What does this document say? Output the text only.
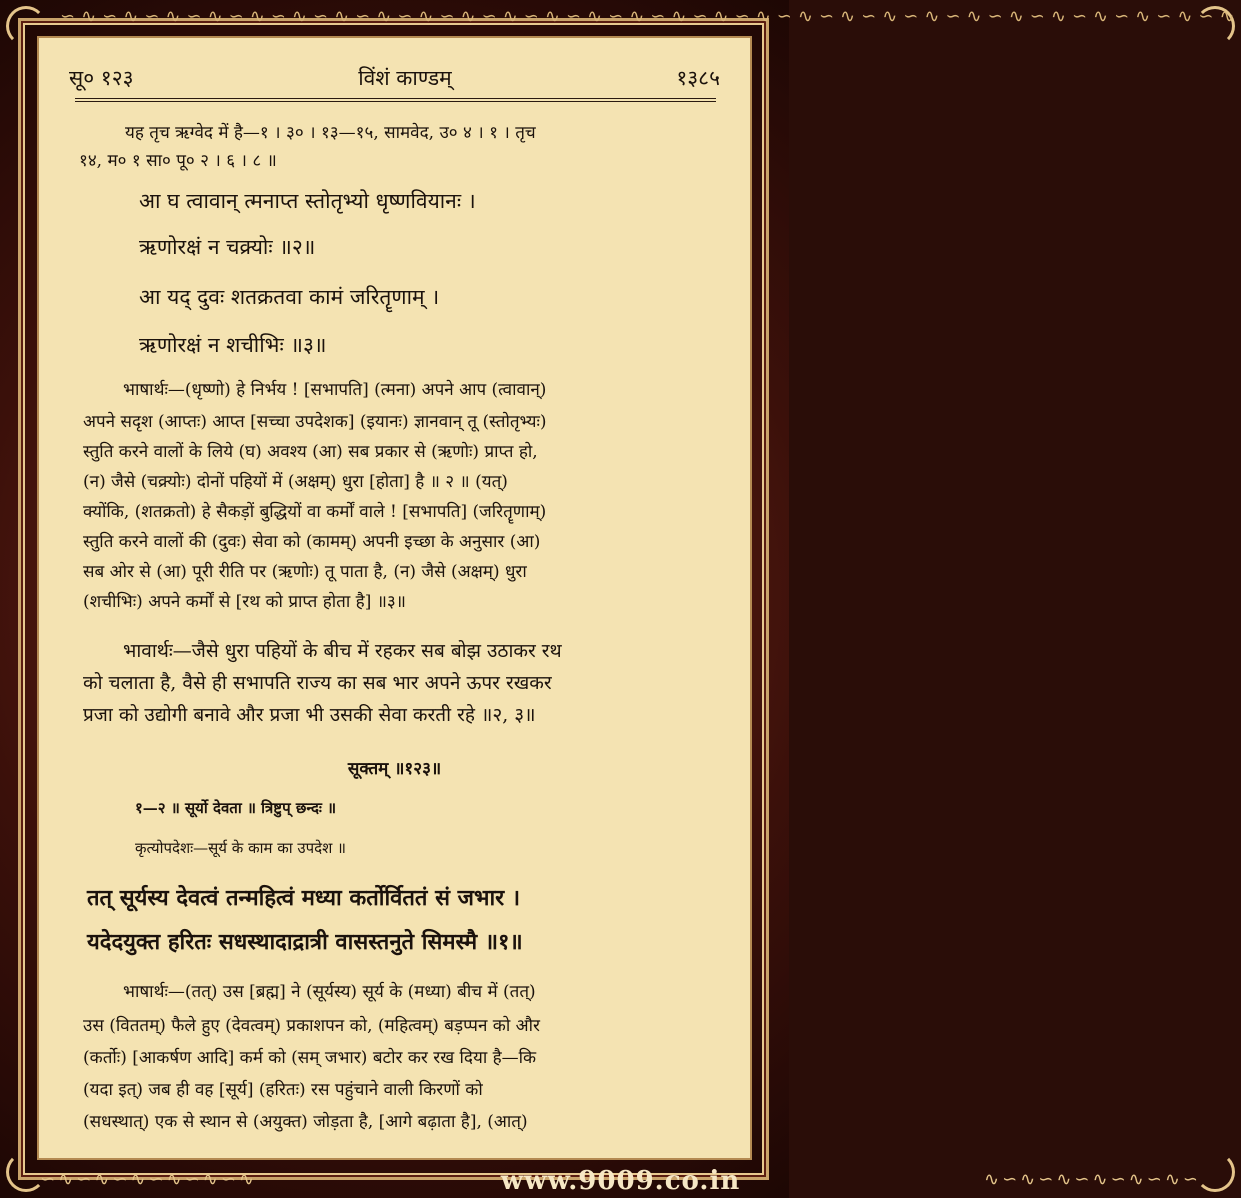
∽∿∽∿∽∿∽∿∽∿∽∿∽∿∽∿∽∿∽∿∽∿∽∿∽∿∽∿∽∿∽∿∽∿∽∿∽∿∽∿∽∿∽∿∽∿∽∿∽∿∽∿∽∿∽∿
सू० १२३	विंशं काण्डम्	१३८५
यह तृच ऋग्वेद में है—१ । ३० । १३—१५, सामवेद, उ० ४ । १ । तृच
१४, म० १ सा० पू० २ । ६ । ८ ॥
आ घ त्वावान् त्मनाप्त स्तोतृभ्यो धृष्णवियानः ।
ऋणोरक्षं न चक्र्योः ॥२॥
आ यद् दुवः शतक्रतवा कामं जरितॄणाम् ।
ऋणोरक्षं न शचीभिः ॥३॥
भाषार्थः—(धृष्णो) हे निर्भय ! [सभापति] (त्मना) अपने आप (त्वावान्)
अपने सदृश (आप्तः) आप्त [सच्चा उपदेशक] (इयानः) ज्ञानवान् तू (स्तोतृभ्यः)
स्तुति करने वालों के लिये (घ) अवश्य (आ) सब प्रकार से (ऋणोः) प्राप्त हो,
(न) जैसे (चक्र्योः) दोनों पहियों में (अक्षम्) धुरा [होता] है ॥ २ ॥ (यत्)
क्योंकि, (शतक्रतो) हे सैकड़ों बुद्धियों वा कर्मों वाले ! [सभापति] (जरितॄणाम्)
स्तुति करने वालों की (दुवः) सेवा को (कामम्) अपनी इच्छा के अनुसार (आ)
सब ओर से (आ) पूरी रीति पर (ऋणोः) तू पाता है, (न) जैसे (अक्षम्) धुरा
(शचीभिः) अपने कर्मों से [रथ को प्राप्त होता है] ॥३॥
भावार्थः—जैसे धुरा पहियों के बीच में रहकर सब बोझ उठाकर रथ
को चलाता है, वैसे ही सभापति राज्य का सब भार अपने ऊपर रखकर
प्रजा को उद्योगी बनावे और प्रजा भी उसकी सेवा करती रहे ॥२, ३॥
सूक्तम् ॥१२३॥
१—२ ॥ सूर्यो देवता ॥ त्रिष्टुप् छन्दः ॥
कृत्योपदेशः—सूर्य के काम का उपदेश ॥
तत् सूर्यस्य देवत्वं तन्महित्वं मध्या कर्तोर्विततं सं जभार ।
यदेदयुक्त हरितः सधस्थादाद्रात्री वासस्तनुते सिमस्मै ॥१॥
भाषार्थः—(तत्) उस [ब्रह्म] ने (सूर्यस्य) सूर्य के (मध्या) बीच में (तत्)
उस (विततम्) फैले हुए (देवत्वम्) प्रकाशपन को, (महित्वम्) बड़प्पन को और
(कर्तोः) [आकर्षण आदि] कर्म को (सम् जभार) बटोर कर रख दिया है—कि
(यदा इत्) जब ही वह [सूर्य] (हरितः) रस पहुंचाने वाली किरणों को
(सधस्थात्) एक से स्थान से (अयुक्त) जोड़ता है, [आगे बढ़ाता है], (आत्)
∽∿∽∿∽∿∽∿∽∿∽∿	www.9009.co.in	∿∽∿∽∿∽∿∽∿∽∿∽
